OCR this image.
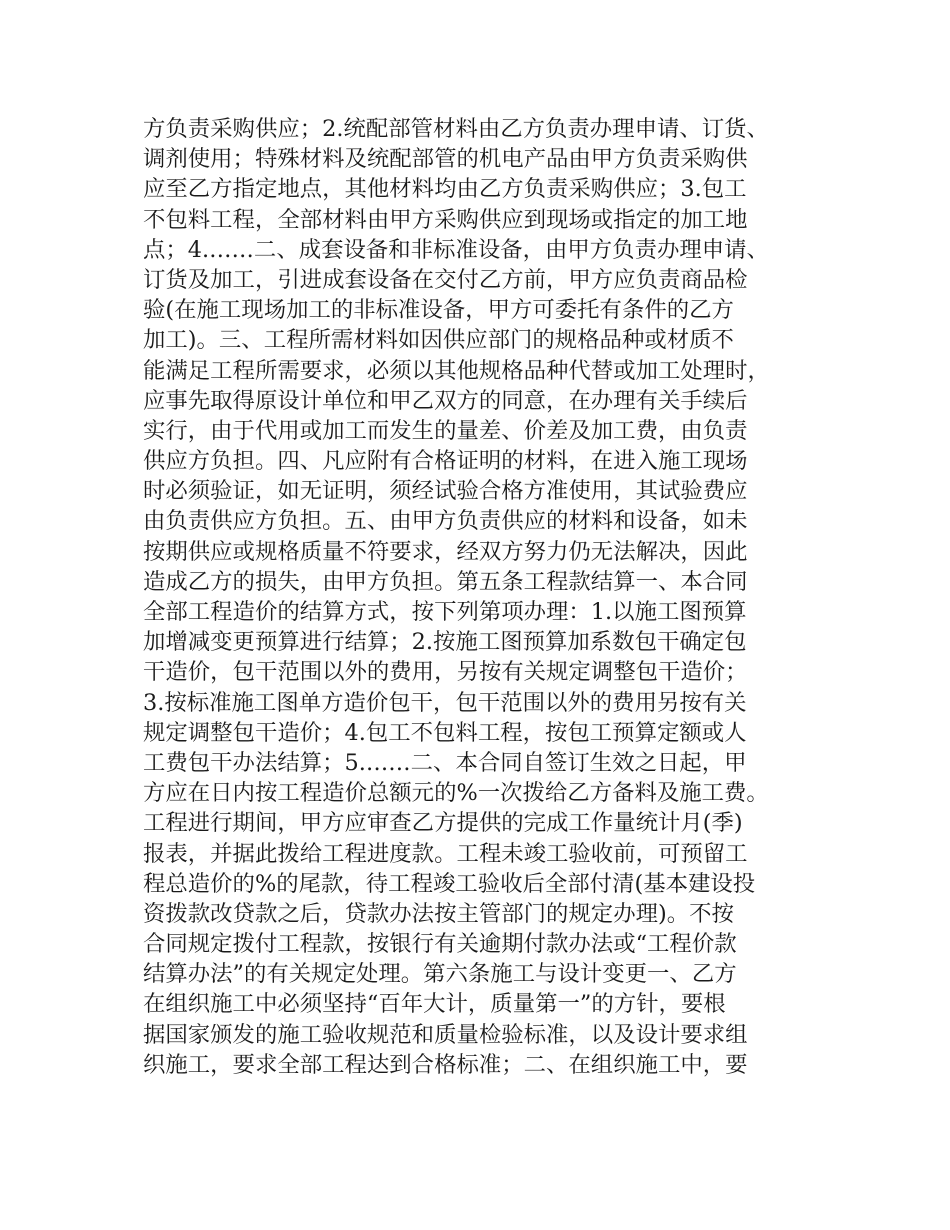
方负责采购供应；2.统配部管材料由乙方负责办理申请、订货、
调剂使用；特殊材料及统配部管的机电产品由甲方负责采购供
应至乙方指定地点，其他材料均由乙方负责采购供应；3.包工
不包料工程，全部材料由甲方采购供应到现场或指定的加工地
点；4.……二、成套设备和非标准设备，由甲方负责办理申请、
订货及加工，引进成套设备在交付乙方前，甲方应负责商品检
验(在施工现场加工的非标准设备，甲方可委托有条件的乙方
加工)。三、工程所需材料如因供应部门的规格品种或材质不
能满足工程所需要求，必须以其他规格品种代替或加工处理时，
应事先取得原设计单位和甲乙双方的同意，在办理有关手续后
实行，由于代用或加工而发生的量差、价差及加工费，由负责
供应方负担。四、凡应附有合格证明的材料，在进入施工现场
时必须验证，如无证明，须经试验合格方准使用，其试验费应
由负责供应方负担。五、由甲方负责供应的材料和设备，如未
按期供应或规格质量不符要求，经双方努力仍无法解决，因此
造成乙方的损失，由甲方负担。第五条工程款结算一、本合同
全部工程造价的结算方式，按下列第项办理：1.以施工图预算
加增减变更预算进行结算；2.按施工图预算加系数包干确定包
干造价，包干范围以外的费用，另按有关规定调整包干造价；
3.按标准施工图单方造价包干，包干范围以外的费用另按有关
规定调整包干造价；4.包工不包料工程，按包工预算定额或人
工费包干办法结算；5.……二、本合同自签订生效之日起，甲
方应在日内按工程造价总额元的%一次拨给乙方备料及施工费。
工程进行期间，甲方应审查乙方提供的完成工作量统计月(季)
报表，并据此拨给工程进度款。工程未竣工验收前，可预留工
程总造价的%的尾款，待工程竣工验收后全部付清(基本建设投
资拨款改贷款之后，贷款办法按主管部门的规定办理)。不按
合同规定拨付工程款，按银行有关逾期付款办法或“工程价款
结算办法”的有关规定处理。第六条施工与设计变更一、乙方
在组织施工中必须坚持“百年大计，质量第一”的方针，要根
据国家颁发的施工验收规范和质量检验标准，以及设计要求组
织施工，要求全部工程达到合格标准；二、在组织施工中，要
